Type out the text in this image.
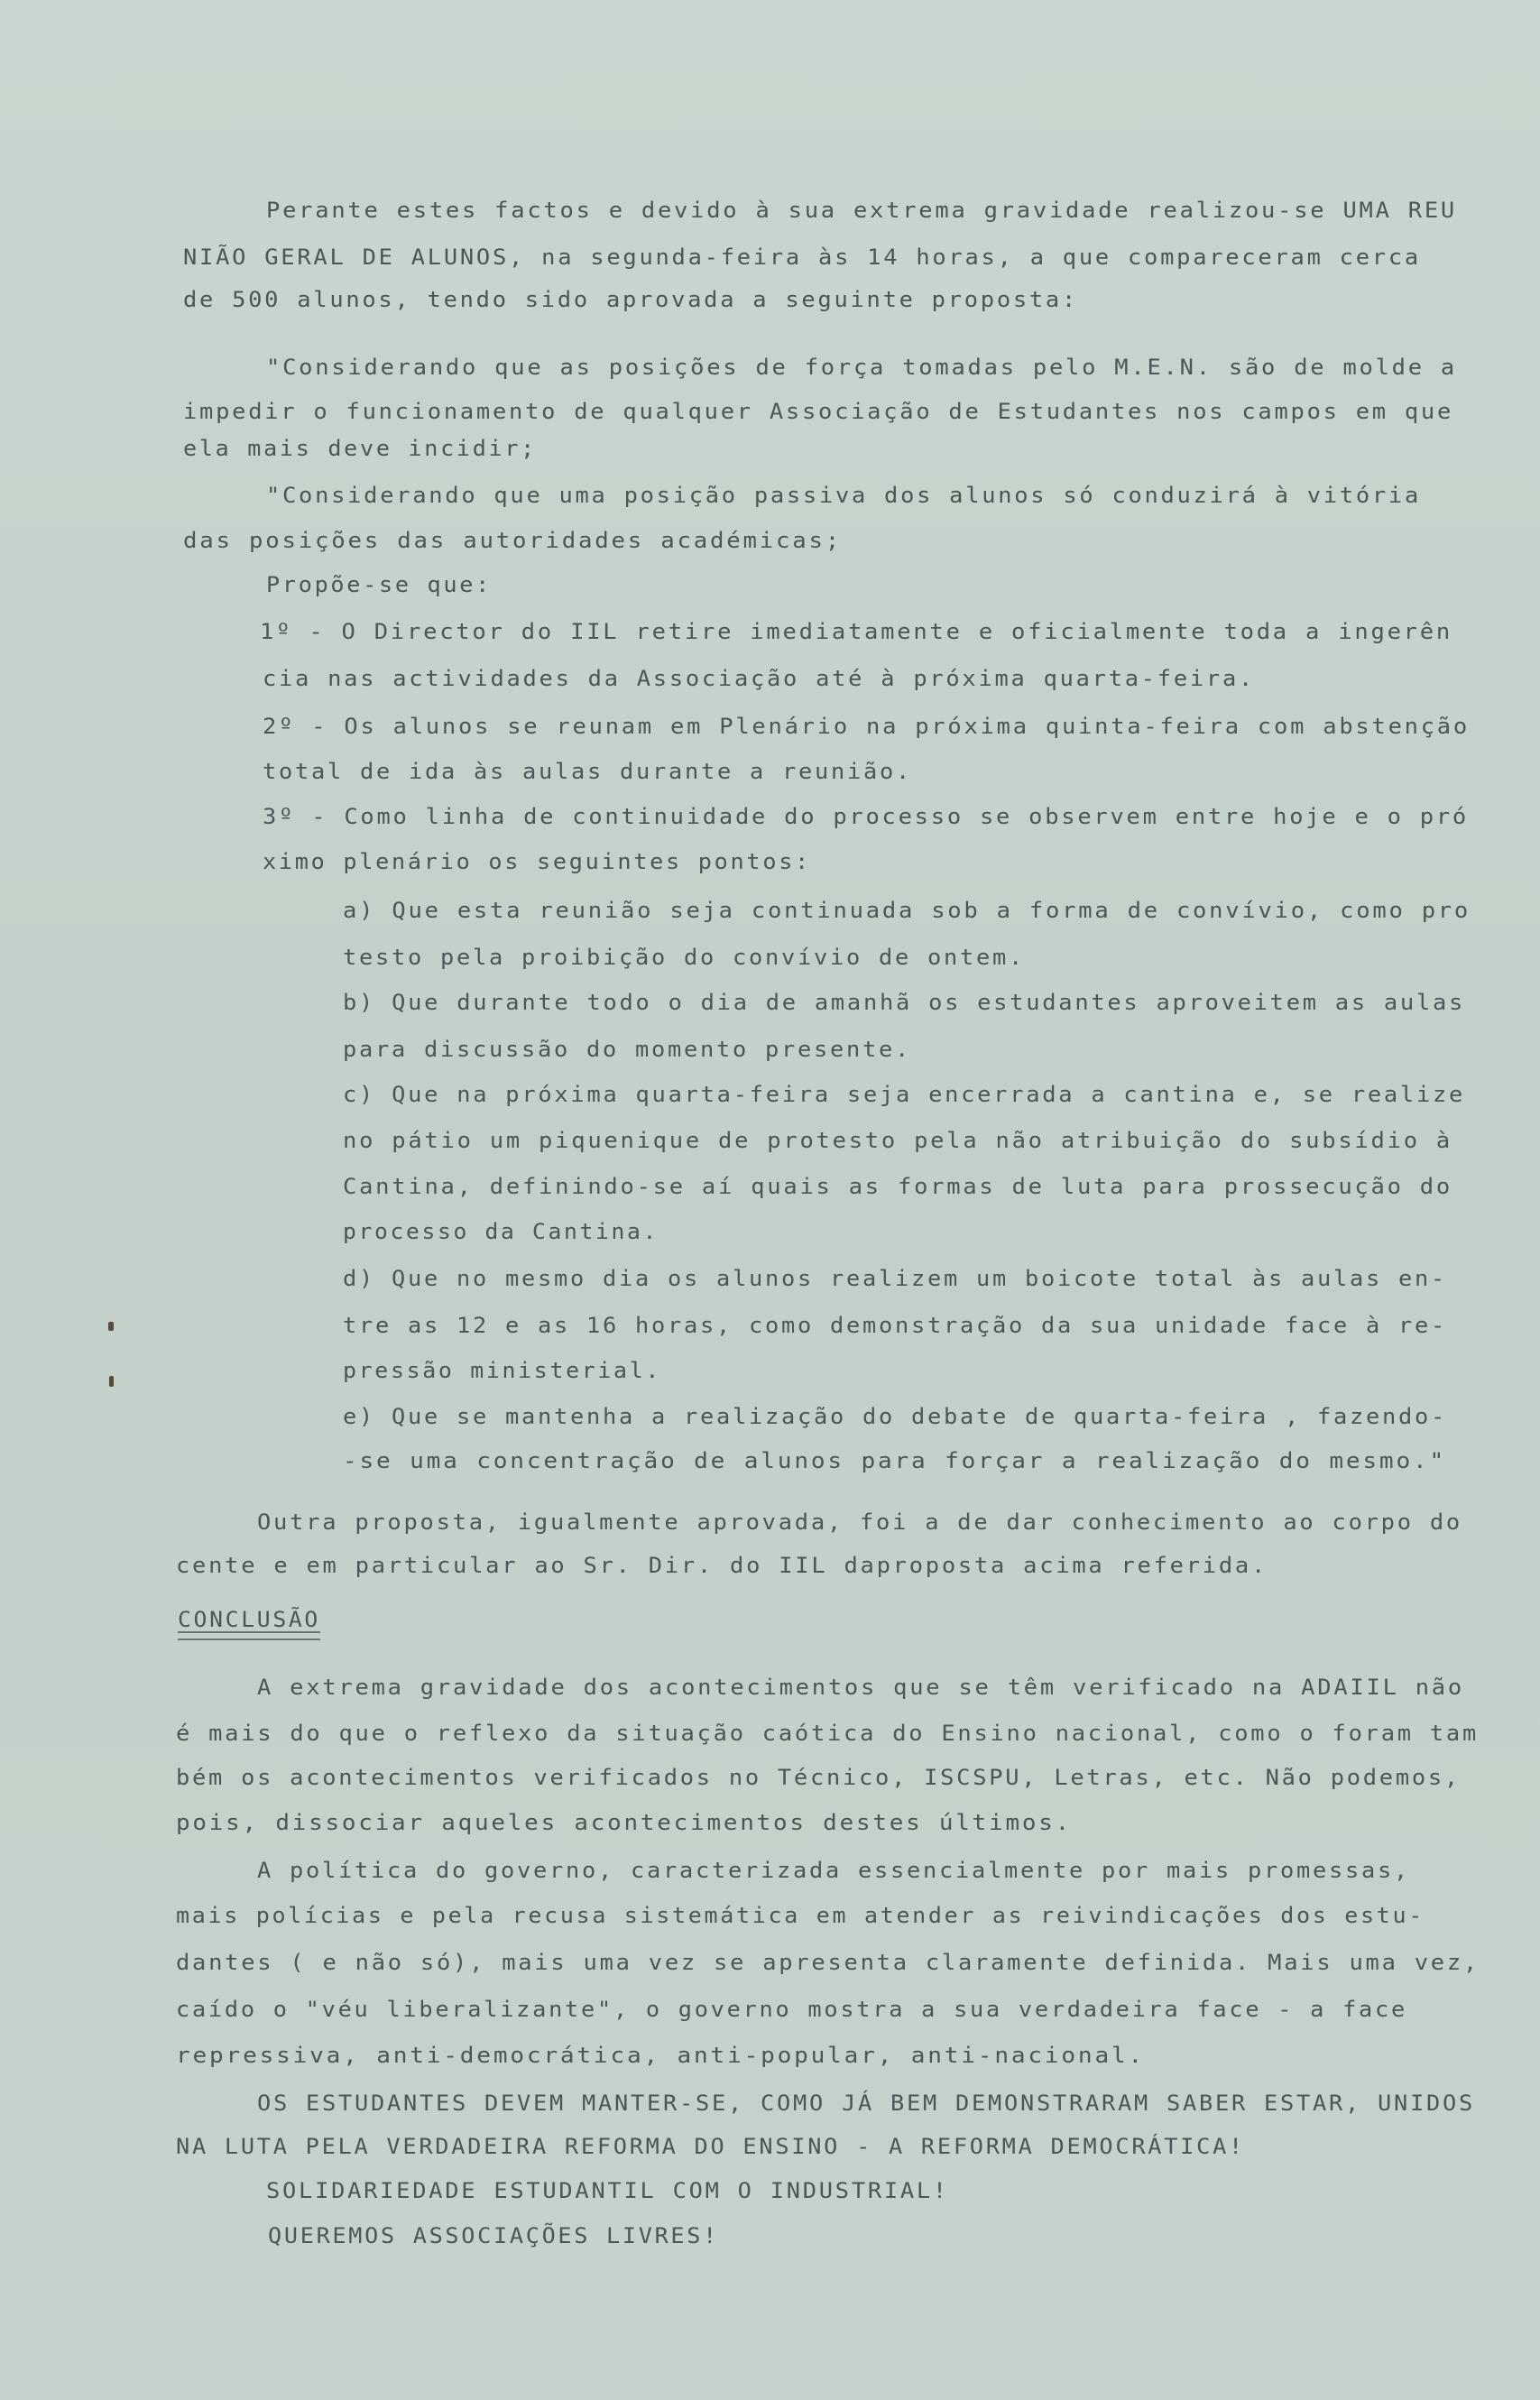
Perante estes factos e devido à sua extrema gravidade realizou-se UMA REU
NIÃO GERAL DE ALUNOS, na segunda-feira às 14 horas, a que compareceram cerca
de 500 alunos, tendo sido aprovada a seguinte proposta:
"Considerando que as posições de força tomadas pelo M.E.N. são de molde a
impedir o funcionamento de qualquer Associação de Estudantes nos campos em que
ela mais deve incidir;
"Considerando que uma posição passiva dos alunos só conduzirá à vitória
das posições das autoridades académicas;
Propõe-se que:
1º - O Director do IIL retire imediatamente e oficialmente toda a ingerên
cia nas actividades da Associação até à próxima quarta-feira.
2º - Os alunos se reunam em Plenário na próxima quinta-feira com abstenção
total de ida às aulas durante a reunião.
3º - Como linha de continuidade do processo se observem entre hoje e o pró
ximo plenário os seguintes pontos:
a) Que esta reunião seja continuada sob a forma de convívio, como pro
testo pela proibição do convívio de ontem.
b) Que durante todo o dia de amanhã os estudantes aproveitem as aulas
para discussão do momento presente.
c) Que na próxima quarta-feira seja encerrada a cantina e, se realize
no pátio um piquenique de protesto pela não atribuição do subsídio à
Cantina, definindo-se aí quais as formas de luta para prossecução do
processo da Cantina.
d) Que no mesmo dia os alunos realizem um boicote total às aulas en-
tre as 12 e as 16 horas, como demonstração da sua unidade face à re-
pressão ministerial.
e) Que se mantenha a realização do debate de quarta-feira , fazendo-
-se uma concentração de alunos para forçar a realização do mesmo."
Outra proposta, igualmente aprovada, foi a de dar conhecimento ao corpo do
cente e em particular ao Sr. Dir. do IIL daproposta acima referida.
CONCLUSÃO
A extrema gravidade dos acontecimentos que se têm verificado na ADAIIL não
é mais do que o reflexo da situação caótica do Ensino nacional, como o foram tam
bém os acontecimentos verificados no Técnico, ISCSPU, Letras, etc. Não podemos,
pois, dissociar aqueles acontecimentos destes últimos.
A política do governo, caracterizada essencialmente por mais promessas,
mais polícias e pela recusa sistemática em atender as reivindicações dos estu-
dantes ( e não só), mais uma vez se apresenta claramente definida. Mais uma vez,
caído o "véu liberalizante", o governo mostra a sua verdadeira face - a face
repressiva, anti-democrática, anti-popular, anti-nacional.
OS ESTUDANTES DEVEM MANTER-SE, COMO JÁ BEM DEMONSTRARAM SABER ESTAR, UNIDOS
NA LUTA PELA VERDADEIRA REFORMA DO ENSINO - A REFORMA DEMOCRÁTICA!
SOLIDARIEDADE ESTUDANTIL COM O INDUSTRIAL!
QUEREMOS ASSOCIAÇÕES LIVRES!
